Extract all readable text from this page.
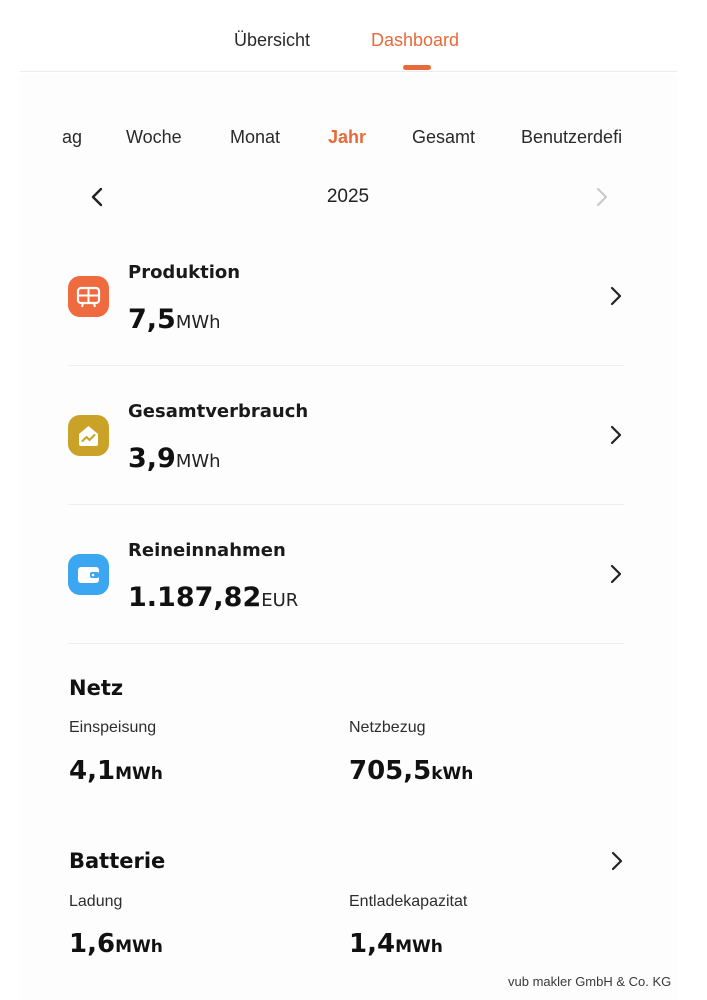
Übersicht	Dashboard
ag Woche	Monat	Jahr	Gesamt	Benutzerdefi
2025
Produktion
7,5MWh
Gesamtverbrauch
3,9MWh
Reineinnahmen
1.187,82EUR
Netz
Einspeisung
4,1MWh
Netzbezug
705,5kWh
Batterie
Ladung
1,6MWh
Entladekapazitat
1,4MWh
vub makler GmbH & Co. KG
